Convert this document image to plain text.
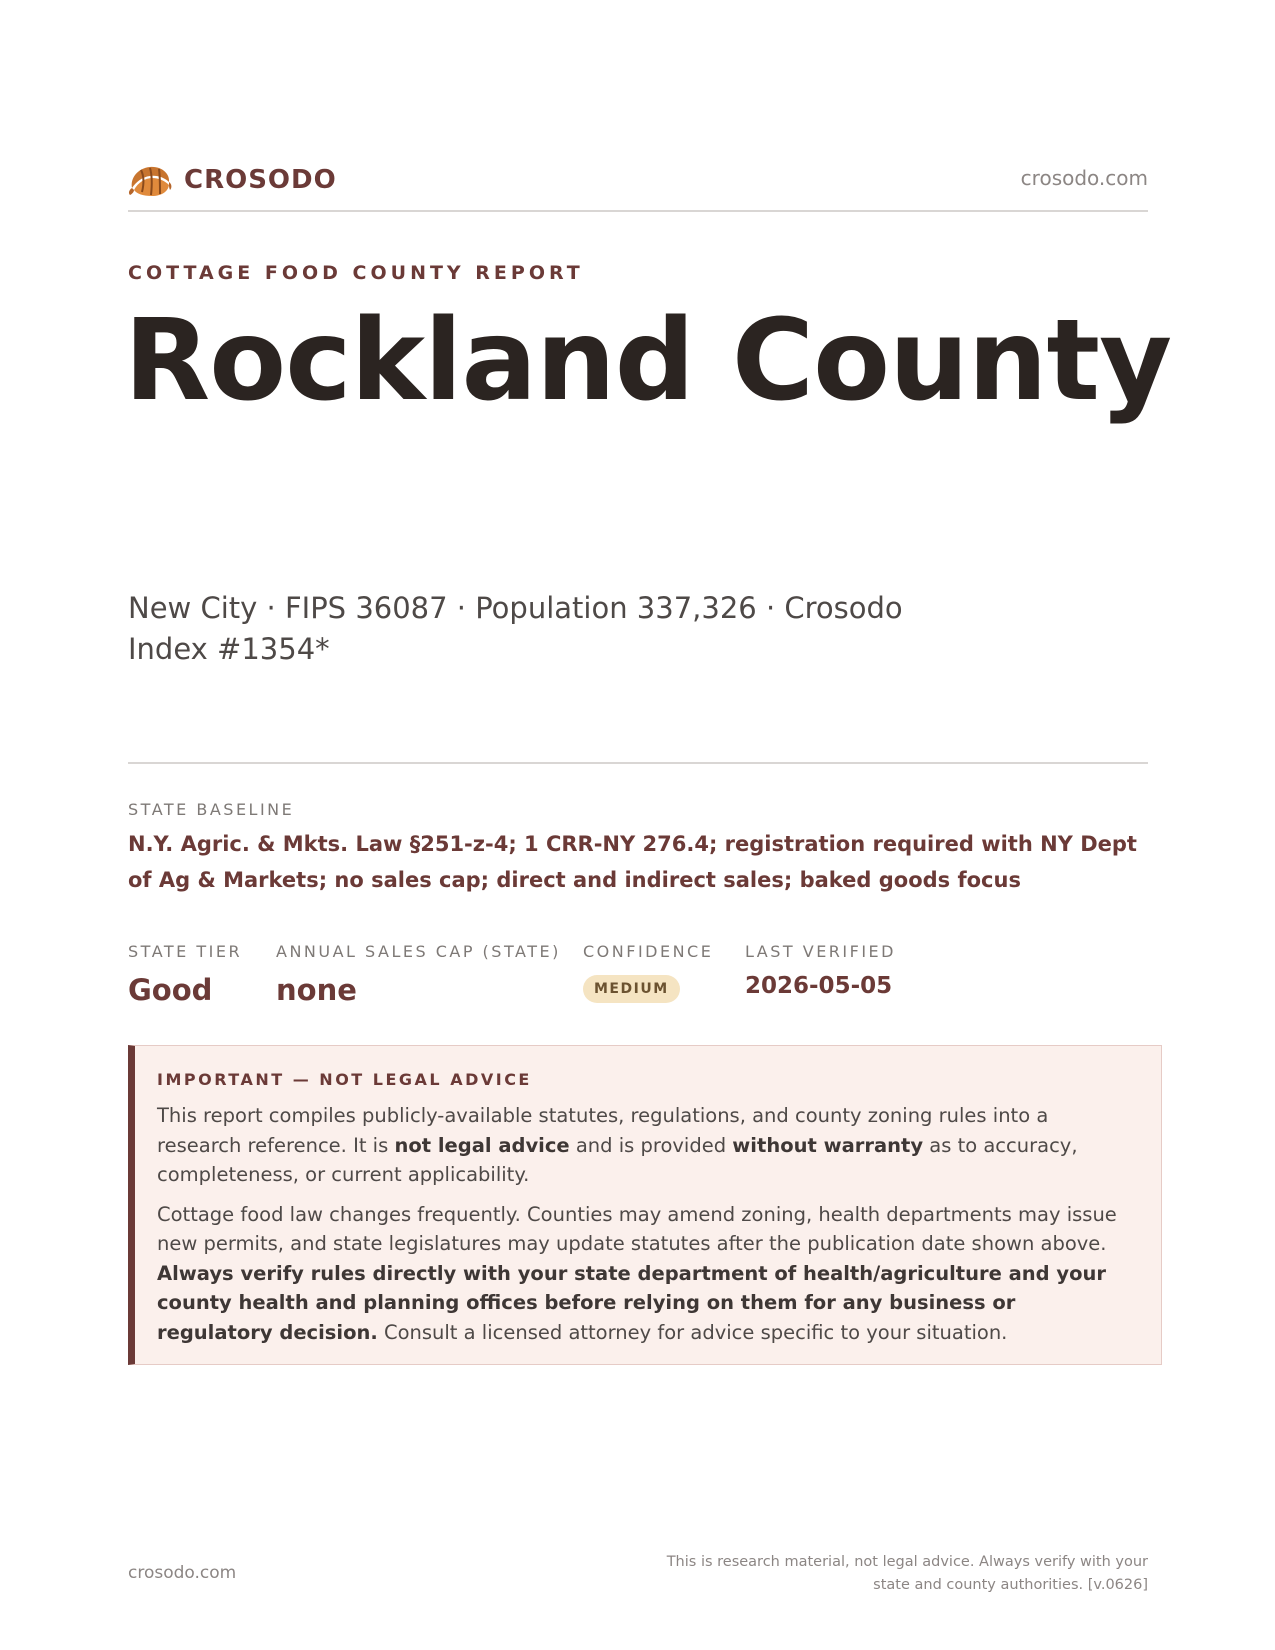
CROSODO	crosodo.com
COTTAGE FOOD COUNTY REPORT
Rockland County
New City · FIPS 36087 · Population 337,326 · Crosodo Index #1354*
STATE BASELINE
N.Y. Agric. & Mkts. Law §251-z-4; 1 CRR-NY 276.4; registration required with NY Dept of Ag & Markets; no sales cap; direct and indirect sales; baked goods focus
STATE TIER
Good
ANNUAL SALES CAP (STATE)
none
CONFIDENCE
MEDIUM
LAST VERIFIED
2026-05-05
IMPORTANT — NOT LEGAL ADVICE

This report compiles publicly-available statutes, regulations, and county zoning rules into a research reference. It is not legal advice and is provided without warranty as to accuracy, completeness, or current applicability.

Cottage food law changes frequently. Counties may amend zoning, health departments may issue new permits, and state legislatures may update statutes after the publication date shown above. Always verify rules directly with your state department of health/agriculture and your county health and planning offices before relying on them for any business or regulatory decision. Consult a licensed attorney for advice specific to your situation.

crosodo.com
This is research material, not legal advice. Always verify with your state and county authorities. [v.0626]
